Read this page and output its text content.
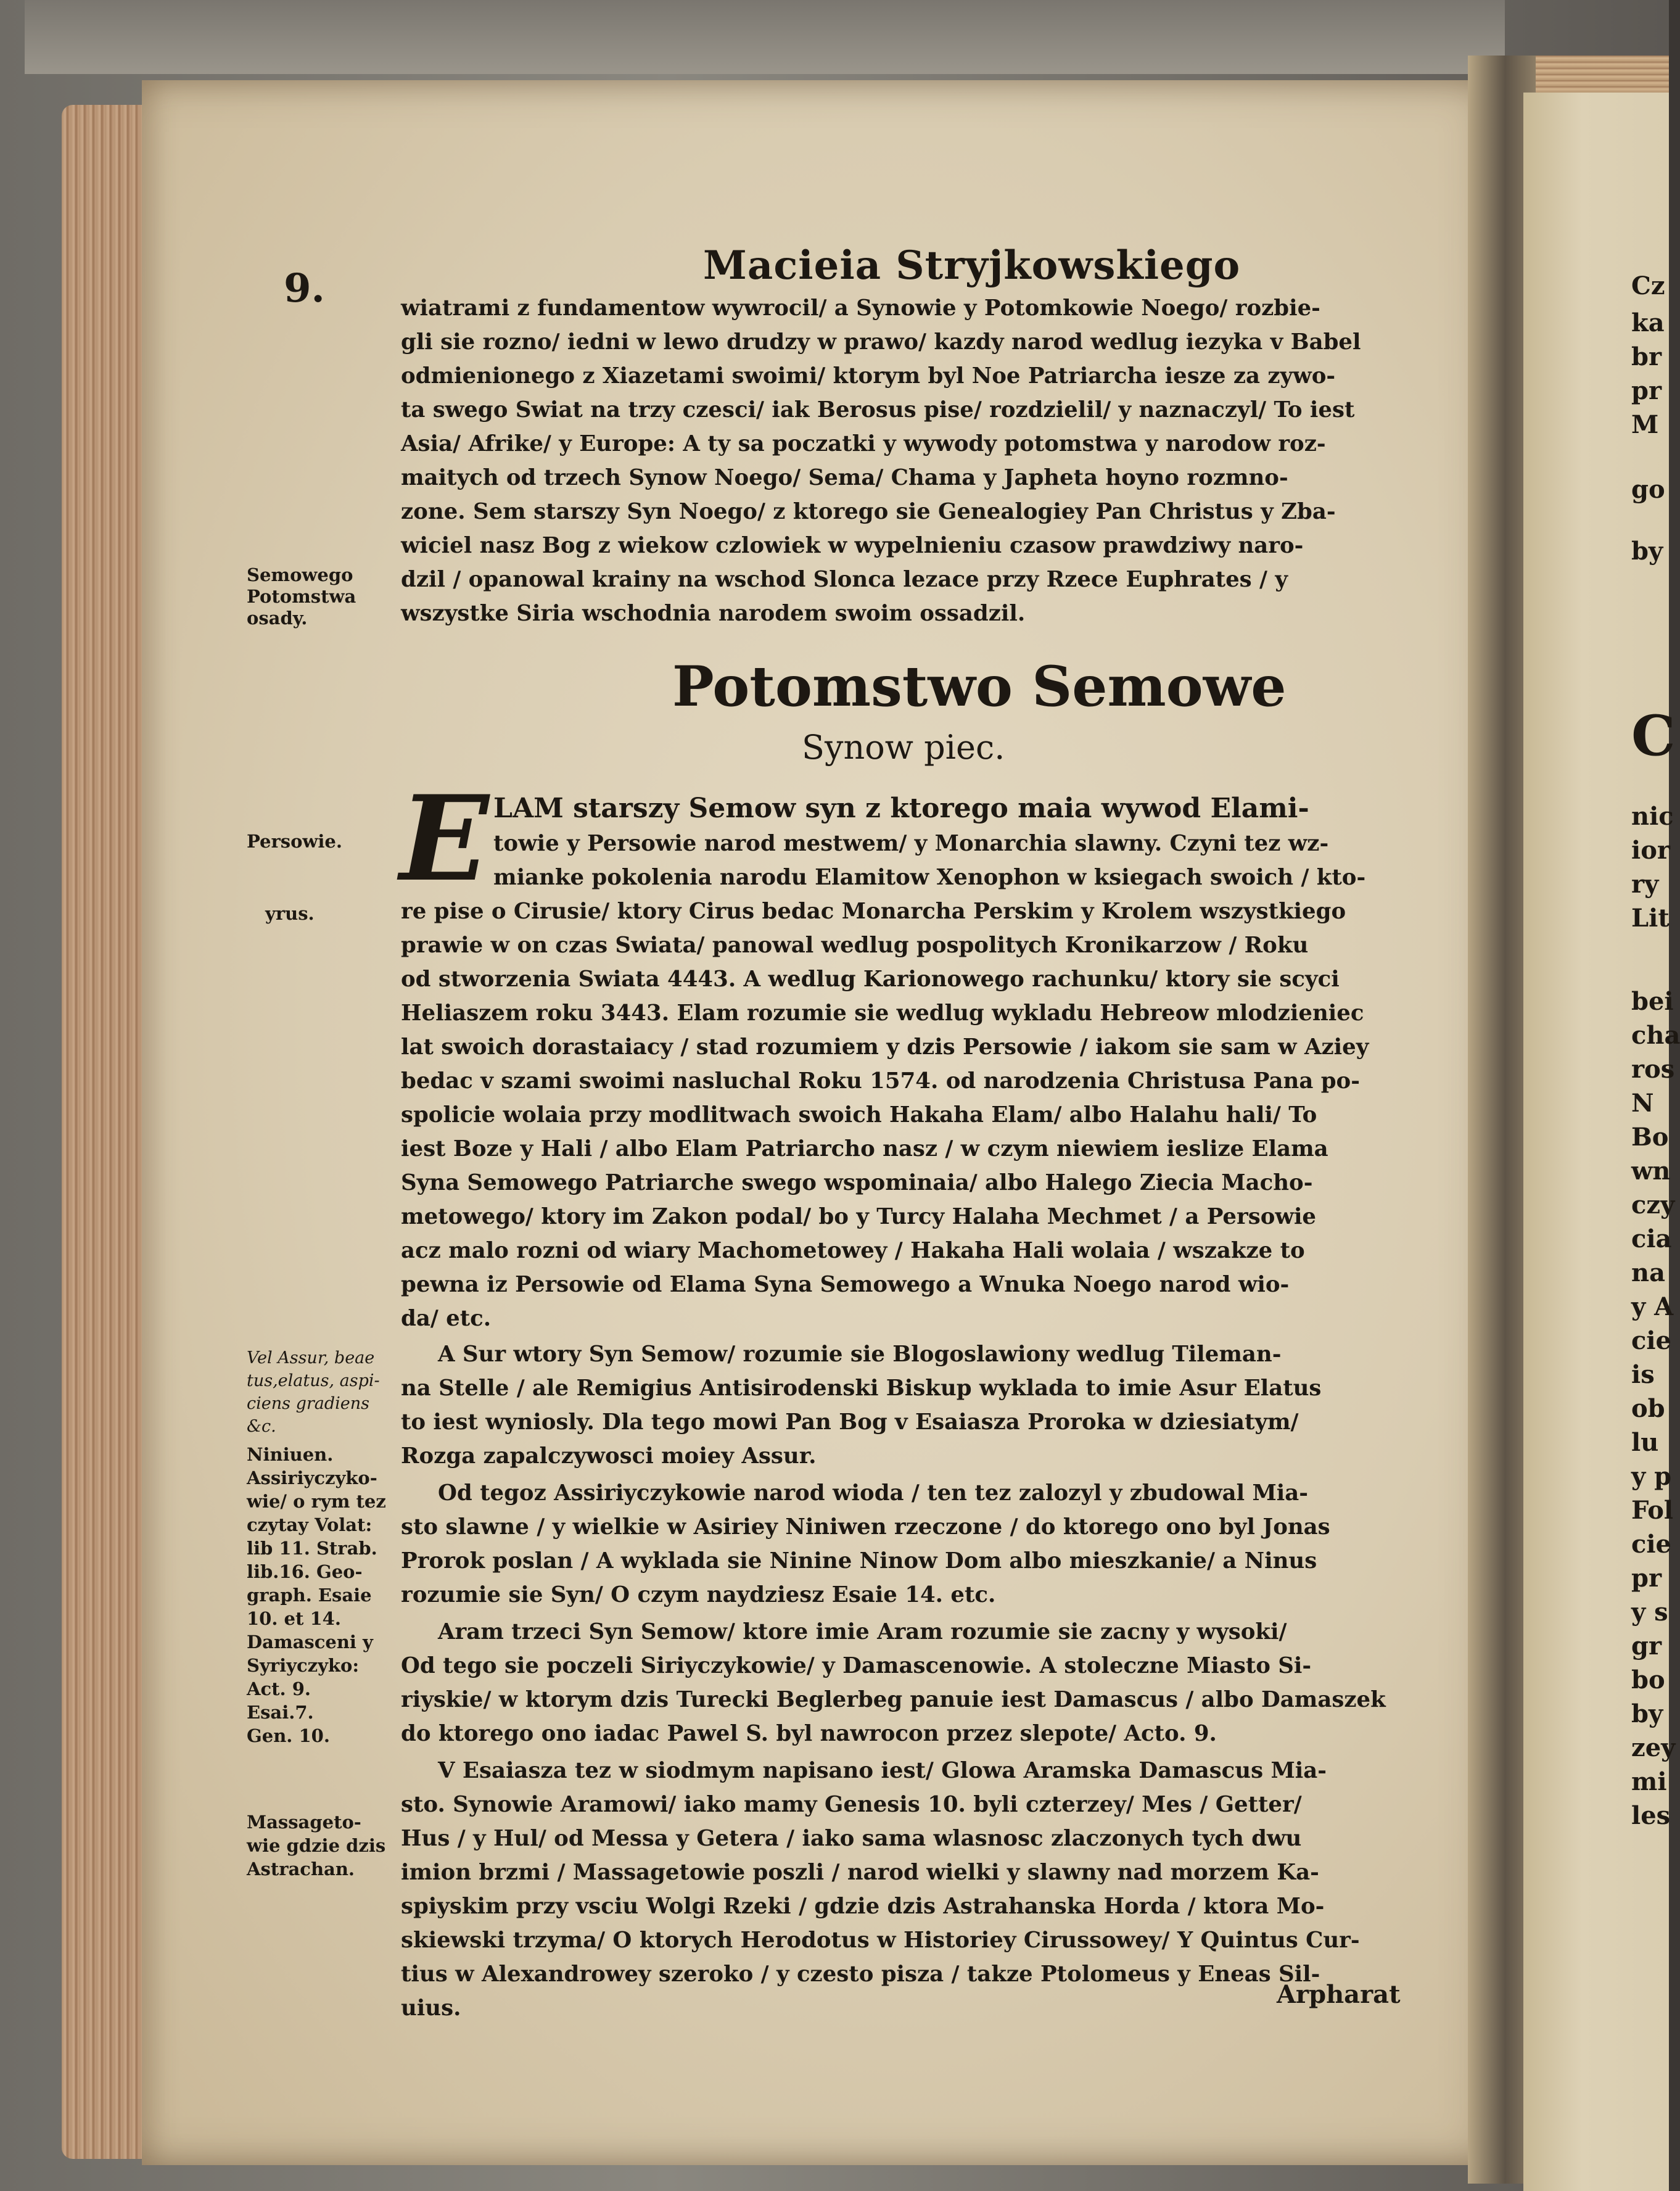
9.	Macieia Stryjkowskiego
wiatrami z fundamentow wywrocil/ a Synowie y Potomkowie Noego/ rozbie-
gli sie rozno/ iedni w lewo drudzy w prawo/ kazdy narod wedlug iezyka v Babel
odmienionego z Xiazetami swoimi/ ktorym byl Noe Patriarcha iesze za zywo-
ta swego Swiat na trzy czesci/ iak Berosus pise/ rozdzielil/ y naznaczyl/ To iest
Asia/ Afrike/ y Europe: A ty sa poczatki y wywody potomstwa y narodow roz-
maitych od trzech Synow Noego/ Sema/ Chama y Japheta hoyno rozmno-
zone. Sem starszy Syn Noego/ z ktorego sie Genealogiey Pan Christus y Zba-
wiciel nasz Bog z wiekow czlowiek w wypelnieniu czasow prawdziwy naro-
dzil / opanowal krainy na wschod Slonca lezace przy Rzece Euphrates / y
wszystke Siria wschodnia narodem swoim ossadzil.
Potomstwo Semowe
Synow piec.
E LAM starszy Semow syn z ktorego maia wywod Elami-
towie y Persowie narod mestwem/ y Monarchia slawny. Czyni tez wz-
mianke pokolenia narodu Elamitow Xenophon w ksiegach swoich / kto-
re pise o Cirusie/ ktory Cirus bedac Monarcha Perskim y Krolem wszystkiego
prawie w on czas Swiata/ panowal wedlug pospolitych Kronikarzow / Roku
od stworzenia Swiata 4443. A wedlug Karionowego rachunku/ ktory sie scyci
Heliaszem roku 3443. Elam rozumie sie wedlug wykladu Hebreow mlodzieniec
lat swoich dorastaiacy / stad rozumiem y dzis Persowie / iakom sie sam w Aziey
bedac v szami swoimi nasluchal Roku 1574. od narodzenia Christusa Pana po-
spolicie wolaia przy modlitwach swoich Hakaha Elam/ albo Halahu hali/ To
iest Boze y Hali / albo Elam Patriarcho nasz / w czym niewiem ieslize Elama
Syna Semowego Patriarche swego wspominaia/ albo Halego Ziecia Macho-
metowego/ ktory im Zakon podal/ bo y Turcy Halaha Mechmet / a Persowie
acz malo rozni od wiary Machometowey / Hakaha Hali wolaia / wszakze to
pewna iz Persowie od Elama Syna Semowego a Wnuka Noego narod wio-
da/ etc.
A Sur wtory Syn Semow/ rozumie sie Blogoslawiony wedlug Tileman-
na Stelle / ale Remigius Antisirodenski Biskup wyklada to imie Asur Elatus
to iest wyniosly. Dla tego mowi Pan Bog v Esaiasza Proroka w dziesiatym/
Rozga zapalczywosci moiey Assur.
Od tegoz Assiriyczykowie narod wioda / ten tez zalozyl y zbudowal Mia-
sto slawne / y wielkie w Asiriey Niniwen rzeczone / do ktorego ono byl Jonas
Prorok poslan / A wyklada sie Ninine Ninow Dom albo mieszkanie/ a Ninus
rozumie sie Syn/ O czym naydziesz Esaie 14. etc.
Aram trzeci Syn Semow/ ktore imie Aram rozumie sie zacny y wysoki/
Od tego sie poczeli Siriyczykowie/ y Damascenowie. A stoleczne Miasto Si-
riyskie/ w ktorym dzis Turecki Beglerbeg panuie iest Damascus / albo Damaszek
do ktorego ono iadac Pawel S. byl nawrocon przez slepote/ Acto. 9.
V Esaiasza tez w siodmym napisano iest/ Glowa Aramska Damascus Mia-
sto. Synowie Aramowi/ iako mamy Genesis 10. byli czterzey/ Mes / Getter/
Hus / y Hul/ od Messa y Getera / iako sama wlasnosc zlaczonych tych dwu
imion brzmi / Massagetowie poszli / narod wielki y slawny nad morzem Ka-
spiyskim przy vsciu Wolgi Rzeki / gdzie dzis Astrahanska Horda / ktora Mo-
skiewski trzyma/ O ktorych Herodotus w Historiey Cirussowey/ Y Quintus Cur-
tius w Alexandrowey szeroko / y czesto pisza / takze Ptolomeus y Eneas Sil-
uius.	Arpharat
Semowego
Potomstwa
osady.
Persowie.
yrus.
Vel Assur, beae
tus,elatus, aspi-
ciens gradiens
&c.
Niniuen.
Assiriyczyko-
wie/ o rym tez
czytay Volat:
lib 11. Strab.
lib.16. Geo-
graph. Esaie
10. et 14.
Damasceni y
Syriyczyko:
Act. 9.
Esai.7.
Gen. 10.
Massageto-
wie gdzie dzis
Astrachan.
Cz
ka
br
pr
M
go
by
C
nic
ior
ry
Lit
bei
cha
ros
N
Bo
wn
czy
cia
na
y A
cie
is
ob
lu
y p
Fol
cie
pr
y s
gr
bo
by
zey
mi
les
